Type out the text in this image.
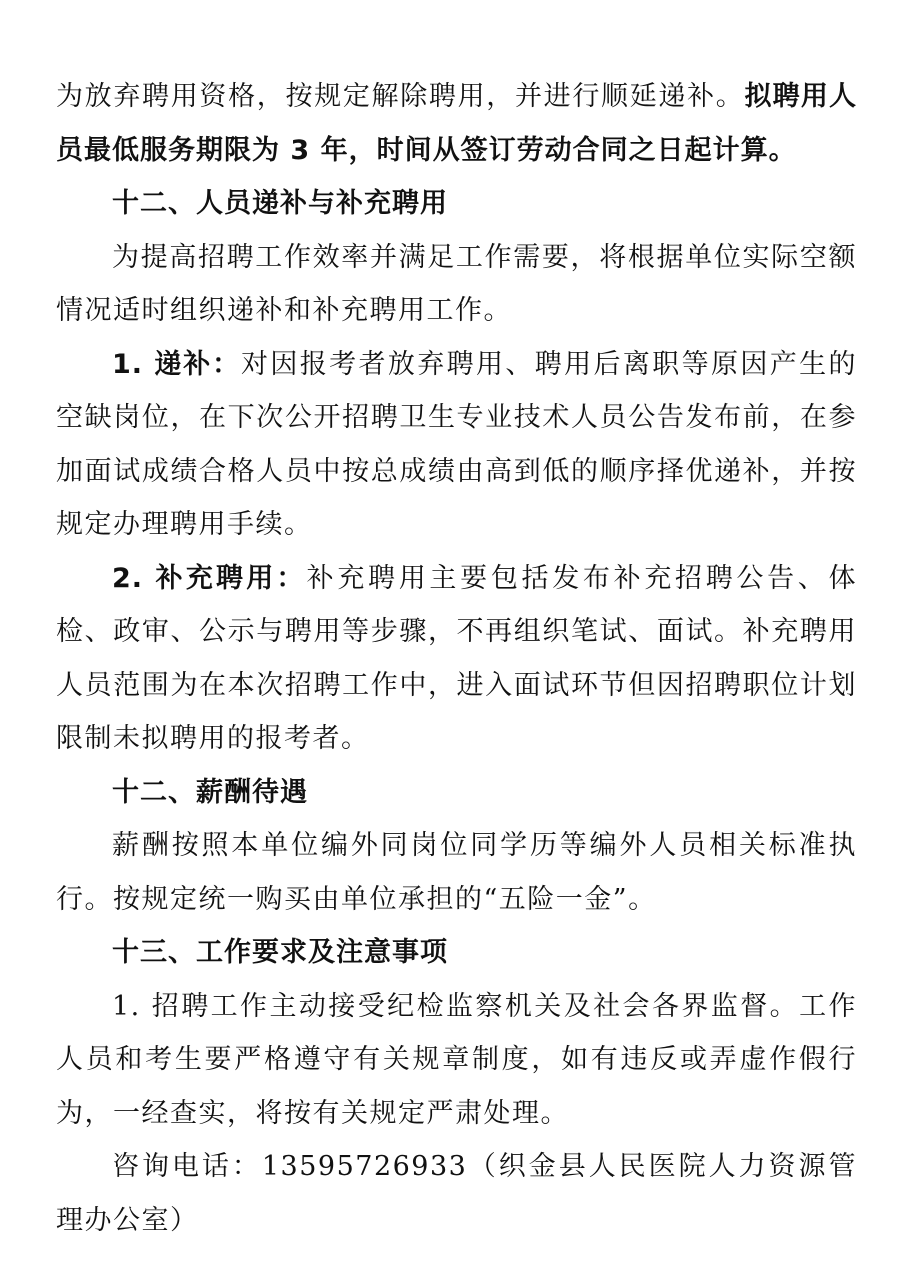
为放弃聘用资格，按规定解除聘用，并进行顺延递补。拟聘用人员最低服务期限为 3 年，时间从签订劳动合同之日起计算。

十二、人员递补与补充聘用

为提高招聘工作效率并满足工作需要，将根据单位实际空额情况适时组织递补和补充聘用工作。

1. 递补：对因报考者放弃聘用、聘用后离职等原因产生的空缺岗位，在下次公开招聘卫生专业技术人员公告发布前，在参加面试成绩合格人员中按总成绩由高到低的顺序择优递补，并按规定办理聘用手续。

2. 补充聘用：补充聘用主要包括发布补充招聘公告、体检、政审、公示与聘用等步骤，不再组织笔试、面试。补充聘用人员范围为在本次招聘工作中，进入面试环节但因招聘职位计划限制未拟聘用的报考者。

十二、薪酬待遇

薪酬按照本单位编外同岗位同学历等编外人员相关标准执行。按规定统一购买由单位承担的“五险一金”。

十三、工作要求及注意事项

1. 招聘工作主动接受纪检监察机关及社会各界监督。工作人员和考生要严格遵守有关规章制度，如有违反或弄虚作假行为，一经查实，将按有关规定严肃处理。

咨询电话：13595726933（织金县人民医院人力资源管理办公室）
